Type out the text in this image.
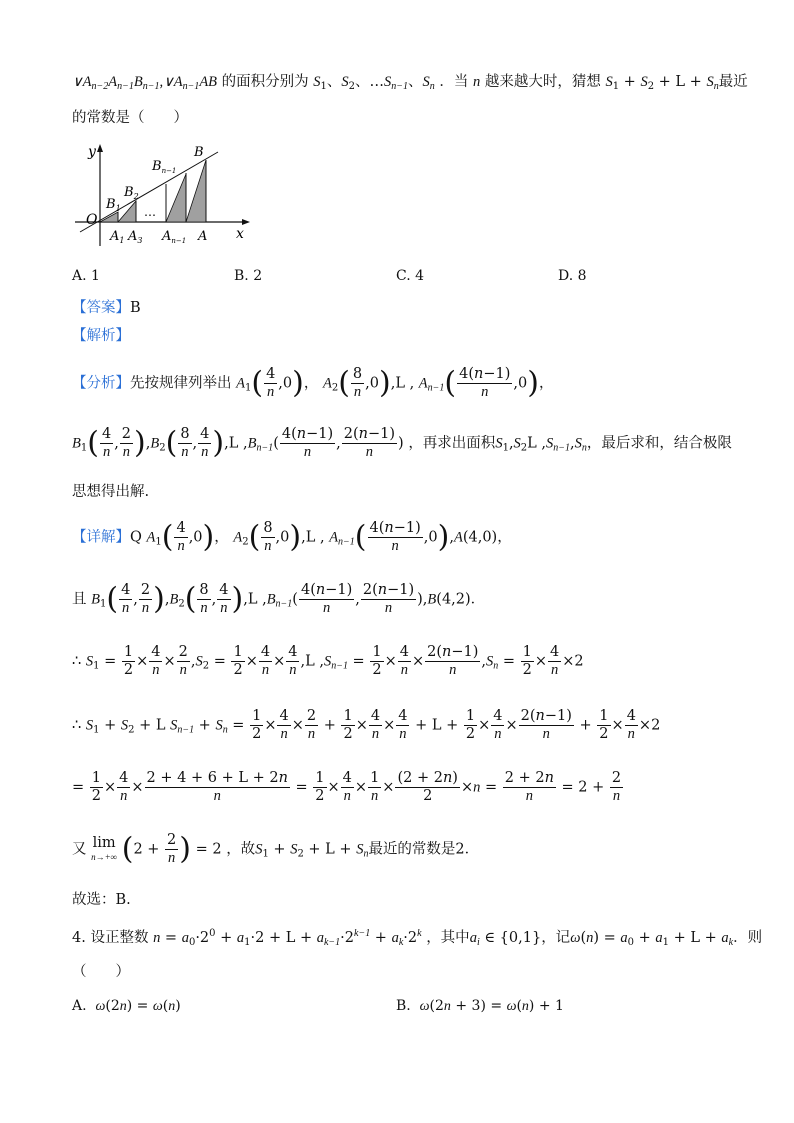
$\vee A_{n-2}A_{n-1}B_{n-1},\vee A_{n-1}AB$ 的面积分别为 $S_1$、$S_2$、$\dots S_{n-1}$、$S_n$ ．当 n 越来越大时，猜想 $S_1 + S_2 + L + S_n$最近
的常数是（　　）
y
x
O
B
$B_1$
$B_2$
$B_{n-1}$
…
$A_1$ $A_3$ $A_{n-1}$ A
A. 1	B. 2	C. 4	D. 8
【答案】B
【解析】
【分析】先按规律列举出 $A_1( \frac{4}{n} ,0)$， $A_2( \frac{8}{n} ,0),L$ , $A_{n-1}( \frac{4(n-1)}{n} ,0)$，
$B_1( \frac{4}{n}$ , $\frac{2}{n} ),B_2( \frac{8}{n}$ , $\frac{4}{n} ),L$ $,B_{n-1}( \frac{4(n-1)}{n}$ , $\frac{2(n-1)}{n}$ ) ，再求出面积$S_1,S_2L$ $,S_{n-1},S_n$，最后求和，结合极限
思想得出解.
【详解】Q $A_1( \frac{4}{n} ,0)$， $A_2( \frac{8}{n} ,0),L$ , $A_{n-1}( \frac{4(n-1)}{n} ,0),A(4,0)$，
且 $B_1( \frac{4}{n}$ , $\frac{2}{n} ),B_2( \frac{8}{n}$ , $\frac{4}{n} ),L$ $,B_{n-1}( \frac{4(n-1)}{n}$ , $\frac{2(n-1)}{n} ),B(4,2)$．
∴ $S_1 = \frac{1}{2} \times \frac{4}{n} \times \frac{2}{n} ,S_2 = \frac{1}{2} \times \frac{4}{n} \times \frac{4}{n} ,L$ $,S_{n-1} = \frac{1}{2} \times \frac{4}{n} \times \frac{2(n-1)}{n} ,S_n = \frac{1}{2} \times \frac{4}{n} \times 2$
∴ $S_1 + S_2 + L$ $S_{n-1} + S_n = \frac{1}{2} \times \frac{4}{n} \times \frac{2}{n} + \frac{1}{2} \times \frac{4}{n} \times \frac{4}{n} + L + \frac{1}{2} \times \frac{4}{n} \times \frac{2(n-1)}{n} + \frac{1}{2} \times \frac{4}{n} \times 2$
= $\frac{1}{2} \times \frac{4}{n} \times \frac{2 + 4 + 6 + L + 2n}{n} = \frac{1}{2} \times \frac{4}{n} \times \frac{1}{n} \times \frac{(2 + 2n)}{2} \times n = \frac{2 + 2n}{n} = 2 + \frac{2}{n}$
又 lim
n→+∞ ($2 + \frac{2}{n}$ ) = 2 ，故$S_1 + S_2 + L + S_n$最近的常数是2．
故选：B.
4. 设正整数 $n = a_0\cdot 2^0 + a_1\cdot 2 + L + a_{k-1}\cdot 2^{k-1} + a_k\cdot 2^k$ ，其中$a_i$ ∈ {0,1}，记$\omega(n) = a_0 + a_1 + L + a_k$．则
（　　）
A. ω(2n) = ω(n)	B. ω(2n + 3) = ω(n) + 1
